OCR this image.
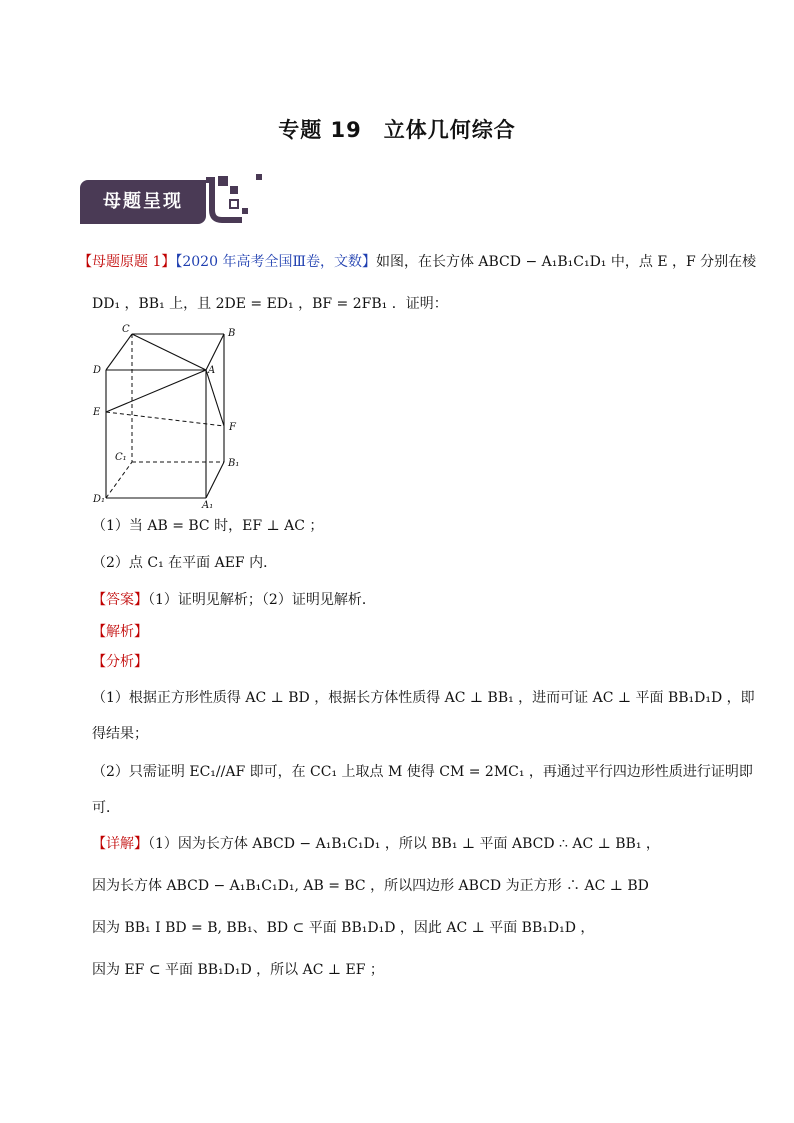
专题 19　立体几何综合
母题呈现
【母题原题 1】【2020 年高考全国Ⅲ卷，文数】如图，在长方体 ABCD − A₁B₁C₁D₁ 中，点 E ，F 分别在棱
DD₁ ，BB₁ 上，且 2DE = ED₁ ，BF = 2FB₁ ．证明：
C	B
D	A
E
F
C₁
B₁
D₁
A₁
（1）当 AB = BC 时，EF ⊥ AC ；
（2）点 C₁ 在平面 AEF 内．
【答案】（1）证明见解析；（2）证明见解析．
【解析】
【分析】
（1）根据正方形性质得 AC ⊥ BD ，根据长方体性质得 AC ⊥ BB₁ ，进而可证 AC ⊥ 平面 BB₁D₁D ，即
得结果；
（2）只需证明 EC₁//AF 即可，在 CC₁ 上取点 M 使得 CM = 2MC₁ ，再通过平行四边形性质进行证明即
可．
【详解】（1）因为长方体 ABCD − A₁B₁C₁D₁ ，所以 BB₁ ⊥ 平面 ABCD ∴ AC ⊥ BB₁ ，
因为长方体 ABCD − A₁B₁C₁D₁, AB = BC ，所以四边形 ABCD 为正方形 ∴ AC ⊥ BD
因为 BB₁ I BD = B, BB₁、BD ⊂ 平面 BB₁D₁D ，因此 AC ⊥ 平面 BB₁D₁D ，
因为 EF ⊂ 平面 BB₁D₁D ，所以 AC ⊥ EF ；
